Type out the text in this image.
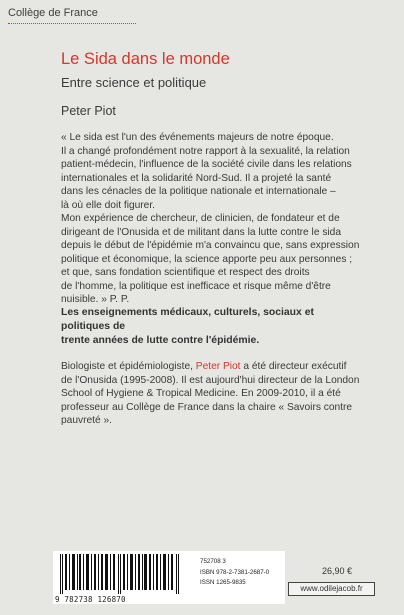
Collège de France
Le Sida dans le monde
Entre science et politique
Peter Piot

« Le sida est l'un des événements majeurs de notre époque.

Il a changé profondément notre rapport à la sexualité, la relation

patient-médecin, l'influence de la société civile dans les relations

internationales et la solidarité Nord-Sud. Il a projeté la santé

dans les cénacles de la politique nationale et internationale –

là où elle doit figurer.

Mon expérience de chercheur, de clinicien, de fondateur et de

dirigeant de l'Onusida et de militant dans la lutte contre le sida

depuis le début de l'épidémie m'a convaincu que, sans expression

politique et économique, la science apporte peu aux personnes ;

et que, sans fondation scientifique et respect des droits

de l'homme, la politique est inefficace et risque même d'être

nuisible. » P. P.

Les enseignements médicaux, culturels, sociaux et politiques de

trente années de lutte contre l'épidémie.

Biologiste et épidémiologiste, Peter Piot a été directeur exécutif

de l'Onusida (1995-2008). Il est aujourd'hui directeur de la London

School of Hygiene & Tropical Medicine. En 2009-2010, il a été

professeur au Collège de France dans la chaire « Savoirs contre

pauvreté ».

9 782738 126870
752708 3
ISBN 978-2-7381-2687-0
ISSN 1265-9835
26,90 €
www.odilejacob.fr
